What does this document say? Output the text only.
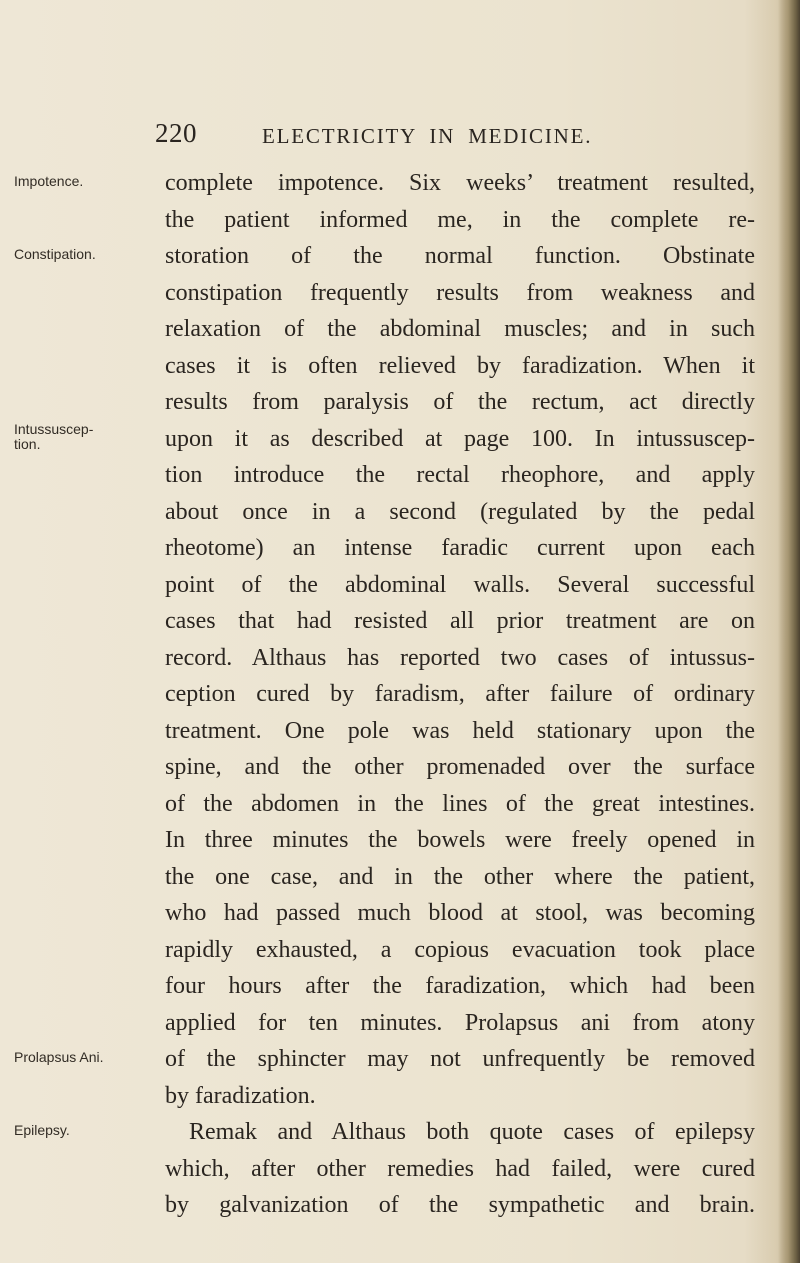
220	ELECTRICITY IN MEDICINE.
Impotence.
Constipation.
Intussuscep- tion.
Prolapsus Ani.
Epilepsy.
complete impotence. Six weeks’ treatment resulted,
the patient informed me, in the complete re-
storation of the normal function. Obstinate
constipation frequently results from weakness and
relaxation of the abdominal muscles; and in such
cases it is often relieved by faradization. When it
results from paralysis of the rectum, act directly
upon it as described at page 100. In intussuscep-
tion introduce the rectal rheophore, and apply
about once in a second (regulated by the pedal
rheotome) an intense faradic current upon each
point of the abdominal walls. Several successful
cases that had resisted all prior treatment are on
record. Althaus has reported two cases of intussus-
ception cured by faradism, after failure of ordinary
treatment. One pole was held stationary upon the
spine, and the other promenaded over the surface
of the abdomen in the lines of the great intestines.
In three minutes the bowels were freely opened in
the one case, and in the other where the patient,
who had passed much blood at stool, was becoming
rapidly exhausted, a copious evacuation took place
four hours after the faradization, which had been
applied for ten minutes. Prolapsus ani from atony
of the sphincter may not unfrequently be removed
by faradization.
Remak and Althaus both quote cases of epilepsy
which, after other remedies had failed, were cured
by galvanization of the sympathetic and brain.
